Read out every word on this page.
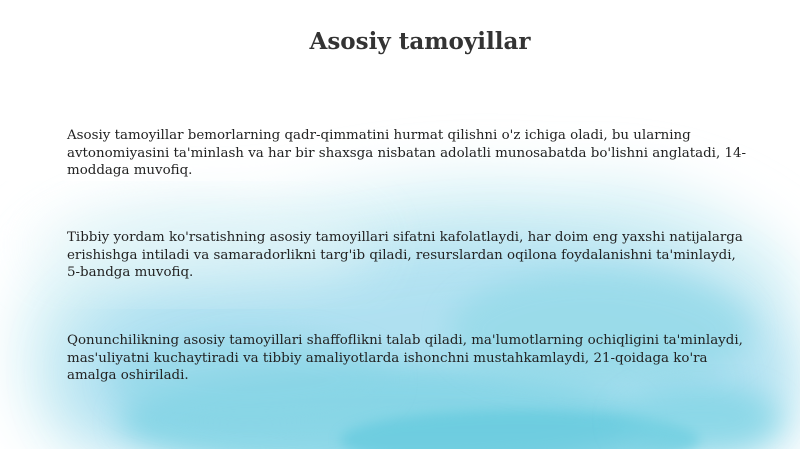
Asosiy tamoyillar

Asosiy tamoyillar bemorlarning qadr-qimmatini hurmat qilishni o'z ichiga oladi, bu ularning avtonomiyasini ta'minlash va har bir shaxsga nisbatan adolatli munosabatda bo'lishni anglatadi, 14-moddaga muvofiq.

Tibbiy yordam ko'rsatishning asosiy tamoyillari sifatni kafolatlaydi, har doim eng yaxshi natijalarga erishishga intiladi va samaradorlikni targ'ib qiladi, resurslardan oqilona foydalanishni ta'minlaydi, 5-bandga muvofiq.

Qonunchilikning asosiy tamoyillari shaffoflikni talab qiladi, ma'lumotlarning ochiqligini ta'minlaydi, mas'uliyatni kuchaytiradi va tibbiy amaliyotlarda ishonchni mustahkamlaydi, 21-qoidaga ko'ra amalga oshiriladi.
